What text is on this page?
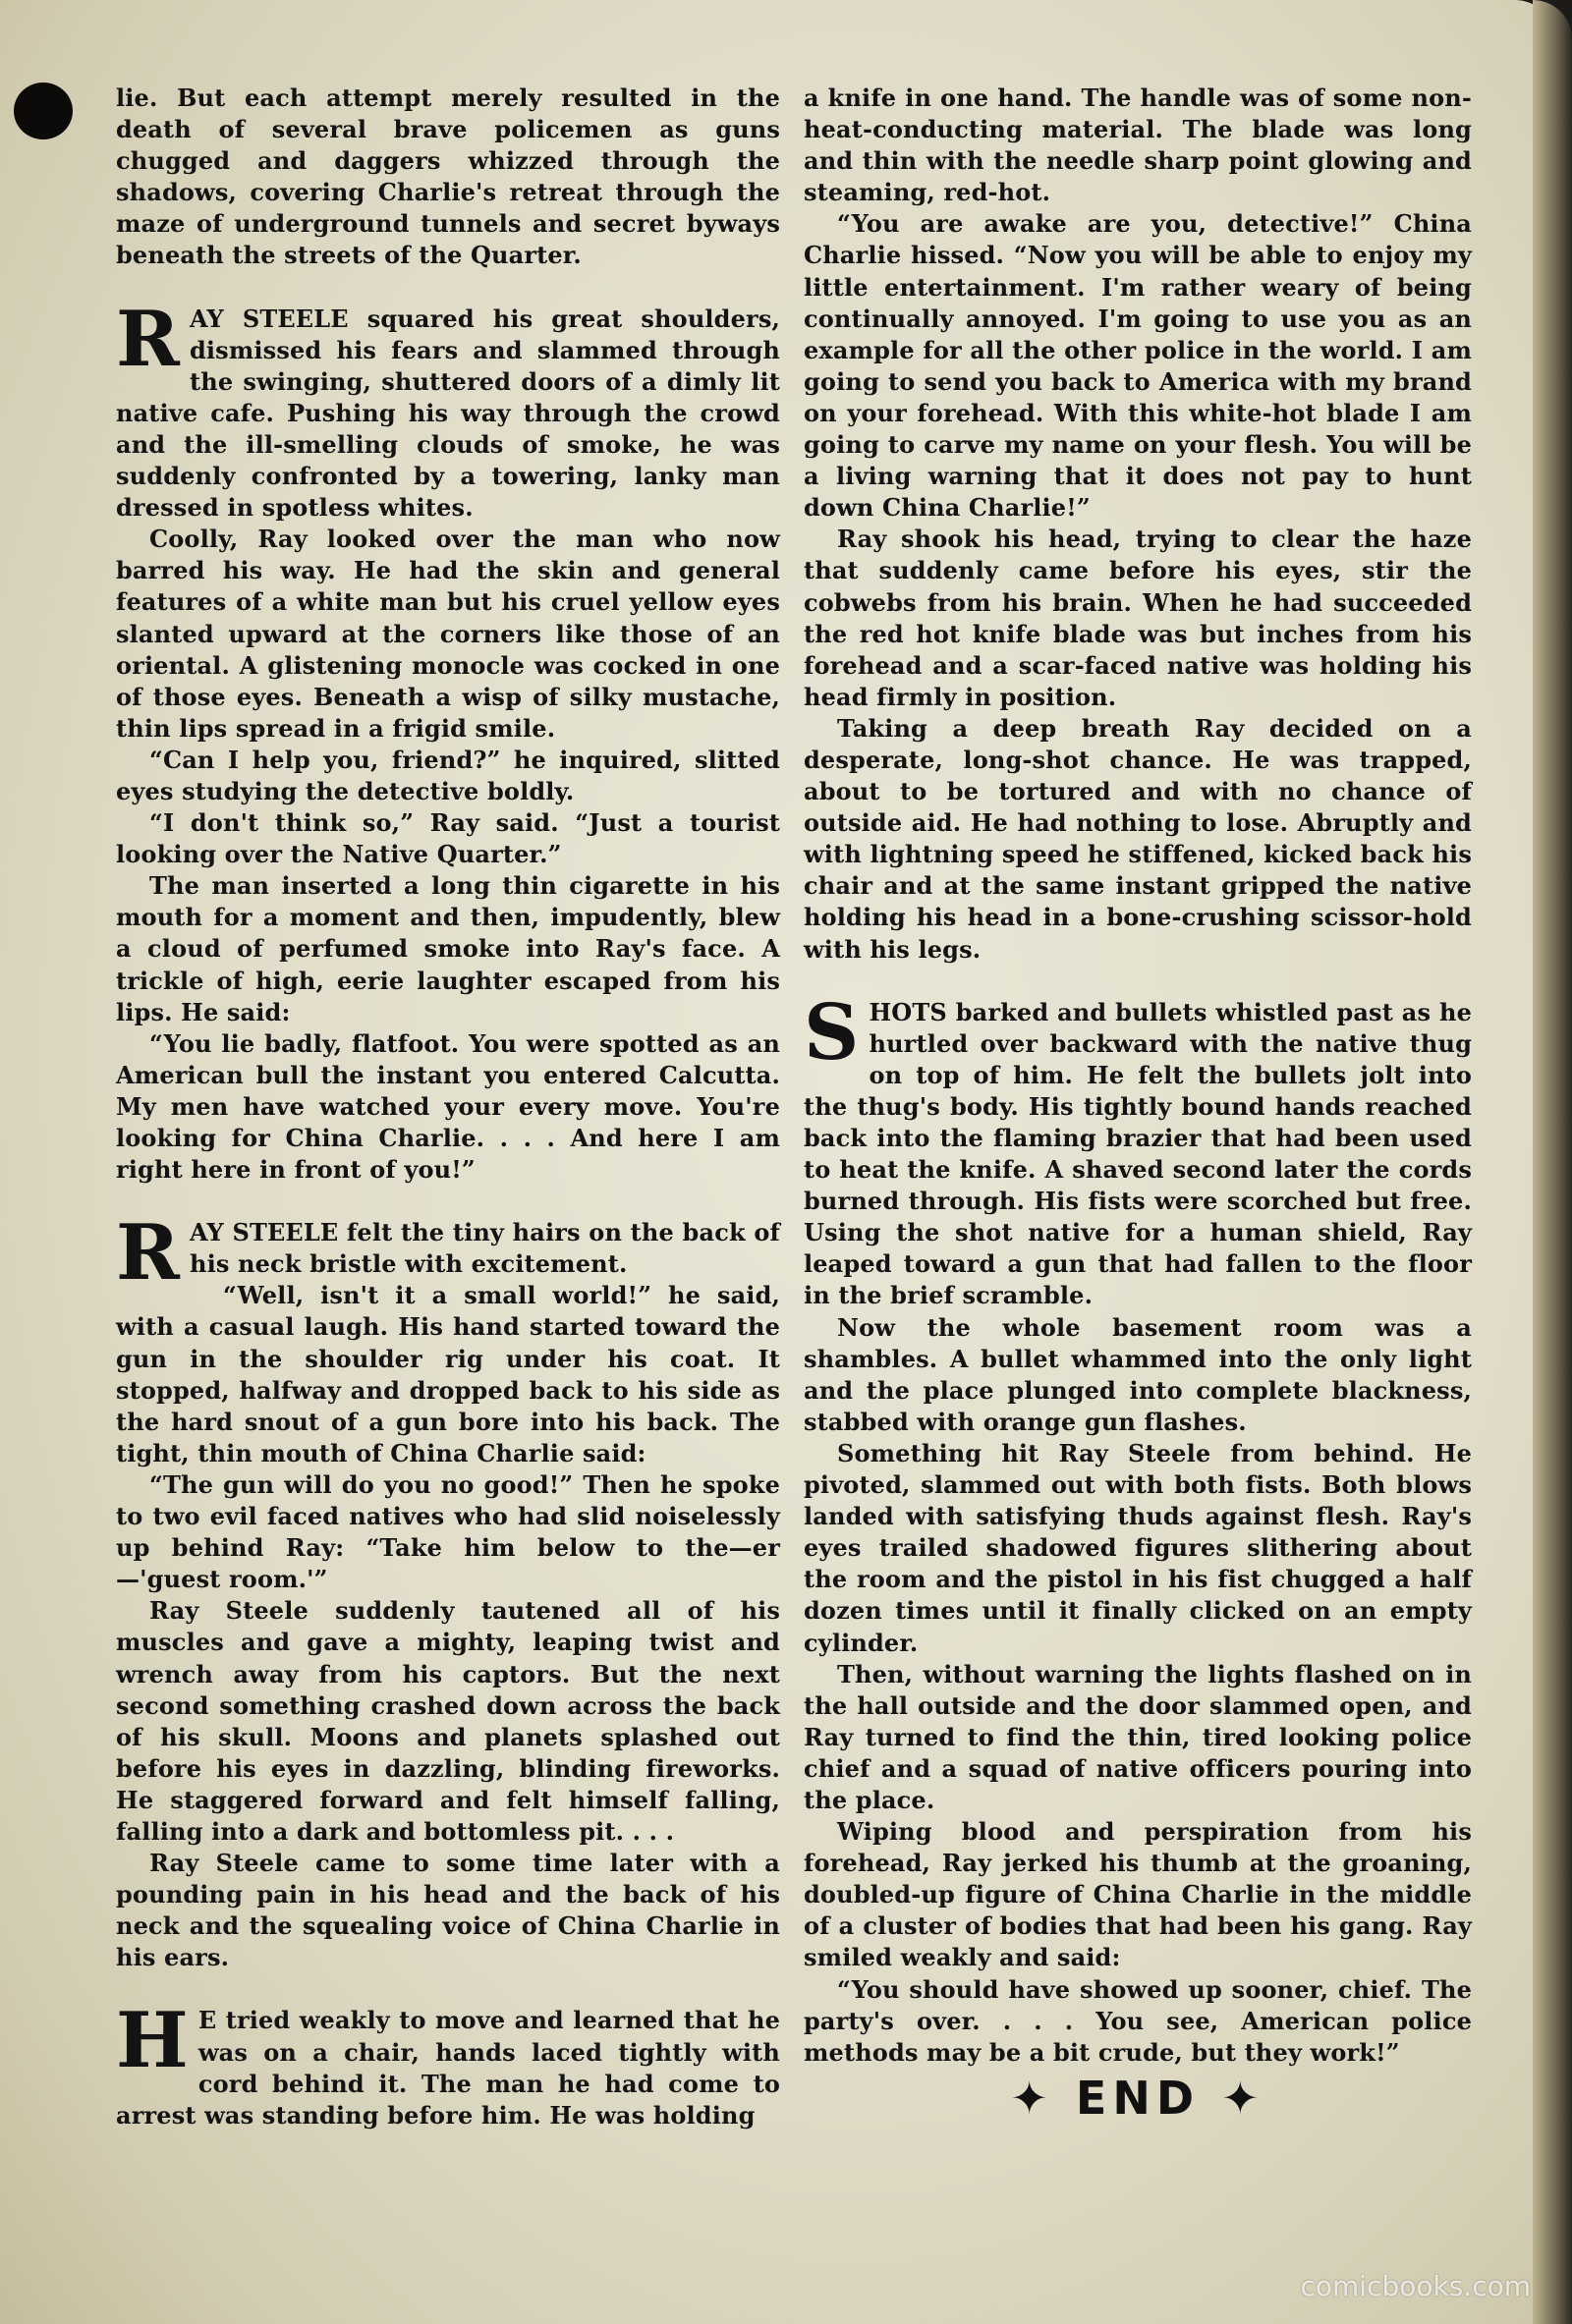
lie. But each attempt merely resulted in the death of several brave policemen as guns chugged and daggers whizzed through the shadows, covering Charlie's retreat through the maze of underground tunnels and secret byways beneath the streets of the Quarter.

RAY STEELE squared his great shoulders, dismissed his fears and slammed through the swinging, shuttered doors of a dimly lit native cafe. Pushing his way through the crowd and the ill-smelling clouds of smoke, he was suddenly confronted by a towering, lanky man dressed in spotless whites.

Coolly, Ray looked over the man who now barred his way. He had the skin and general features of a white man but his cruel yellow eyes slanted upward at the corners like those of an oriental. A glistening monocle was cocked in one of those eyes. Beneath a wisp of silky mustache, thin lips spread in a frigid smile.

“Can I help you, friend?” he inquired, slitted eyes studying the detective boldly.

“I don't think so,” Ray said. “Just a tourist looking over the Native Quarter.”

The man inserted a long thin cigarette in his mouth for a moment and then, impudently, blew a cloud of perfumed smoke into Ray's face. A trickle of high, eerie laughter escaped from his lips. He said:

“You lie badly, flatfoot. You were spotted as an American bull the instant you entered Calcutta. My men have watched your every move. You're looking for China Charlie. . . . And here I am right here in front of you!”

RAY STEELE felt the tiny hairs on the back of his neck bristle with excitement.

“Well, isn't it a small world!” he said, with a casual laugh. His hand started toward the gun in the shoulder rig under his coat. It stopped, halfway and dropped back to his side as the hard snout of a gun bore into his back. The tight, thin mouth of China Charlie said:

“The gun will do you no good!” Then he spoke to two evil faced natives who had slid noiselessly up behind Ray: “Take him below to the—er—'guest room.'”

Ray Steele suddenly tautened all of his muscles and gave a mighty, leaping twist and wrench away from his captors. But the next second something crashed down across the back of his skull. Moons and planets splashed out before his eyes in dazzling, blinding fireworks. He staggered forward and felt himself falling, falling into a dark and bottomless pit. . . .

Ray Steele came to some time later with a pounding pain in his head and the back of his neck and the squealing voice of China Charlie in his ears.

H E tried weakly to move and learned that he was on a chair, hands laced tightly with cord behind it. The man he had come to arrest was standing before him. He was holding

a knife in one hand. The handle was of some non-heat-conducting material. The blade was long and thin with the needle sharp point glowing and steaming, red-hot.

“You are awake are you, detective!” China Charlie hissed. “Now you will be able to enjoy my little entertainment. I'm rather weary of being continually annoyed. I'm going to use you as an example for all the other police in the world. I am going to send you back to America with my brand on your forehead. With this white-hot blade I am going to carve my name on your flesh. You will be a living warning that it does not pay to hunt down China Charlie!”

Ray shook his head, trying to clear the haze that suddenly came before his eyes, stir the cobwebs from his brain. When he had succeeded the red hot knife blade was but inches from his forehead and a scar-faced native was holding his head firmly in position.

Taking a deep breath Ray decided on a desperate, long-shot chance. He was trapped, about to be tortured and with no chance of outside aid. He had nothing to lose. Abruptly and with lightning speed he stiffened, kicked back his chair and at the same instant gripped the native holding his head in a bone-crushing scissor-hold with his legs.

SHOTS barked and bullets whistled past as he hurtled over backward with the native thug on top of him. He felt the bullets jolt into the thug's body. His tightly bound hands reached back into the flaming brazier that had been used to heat the knife. A shaved second later the cords burned through. His fists were scorched but free. Using the shot native for a human shield, Ray leaped toward a gun that had fallen to the floor in the brief scramble.

Now the whole basement room was a shambles. A bullet whammed into the only light and the place plunged into complete blackness, stabbed with orange gun flashes.

Something hit Ray Steele from behind. He pivoted, slammed out with both fists. Both blows landed with satisfying thuds against flesh. Ray's eyes trailed shadowed figures slithering about the room and the pistol in his fist chugged a half dozen times until it finally clicked on an empty cylinder.

Then, without warning the lights flashed on in the hall outside and the door slammed open, and Ray turned to find the thin, tired looking police chief and a squad of native officers pouring into the place.

Wiping blood and perspiration from his forehead, Ray jerked his thumb at the groaning, doubled-up figure of China Charlie in the middle of a cluster of bodies that had been his gang. Ray smiled weakly and said:

“You should have showed up sooner, chief. The party's over. . . . You see, American police methods may be a bit crude, but they work!”

✦ END ✦
comicbooks.com
